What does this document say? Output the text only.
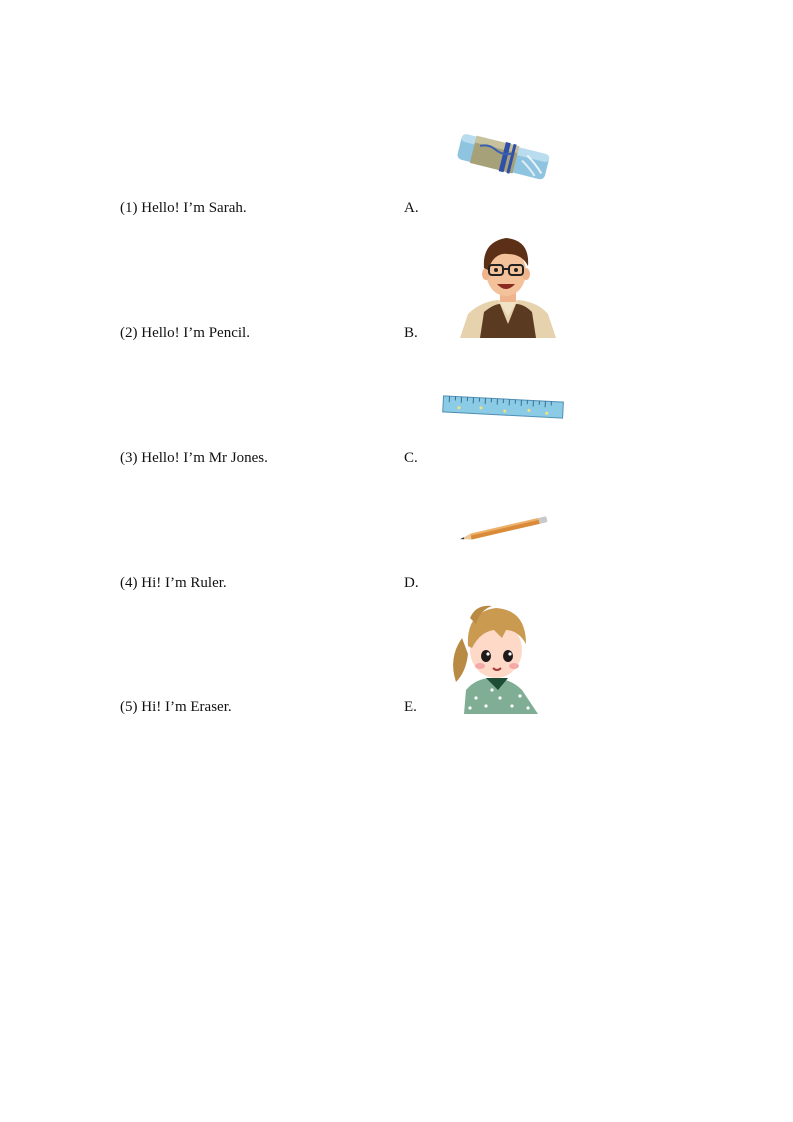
(1) Hello! I’m Sarah.
(2) Hello! I’m Pencil.
(3) Hello! I’m Mr Jones.
(4) Hi! I’m Ruler.
(5) Hi! I’m Eraser.
A.
B.
C.
D.
E.
